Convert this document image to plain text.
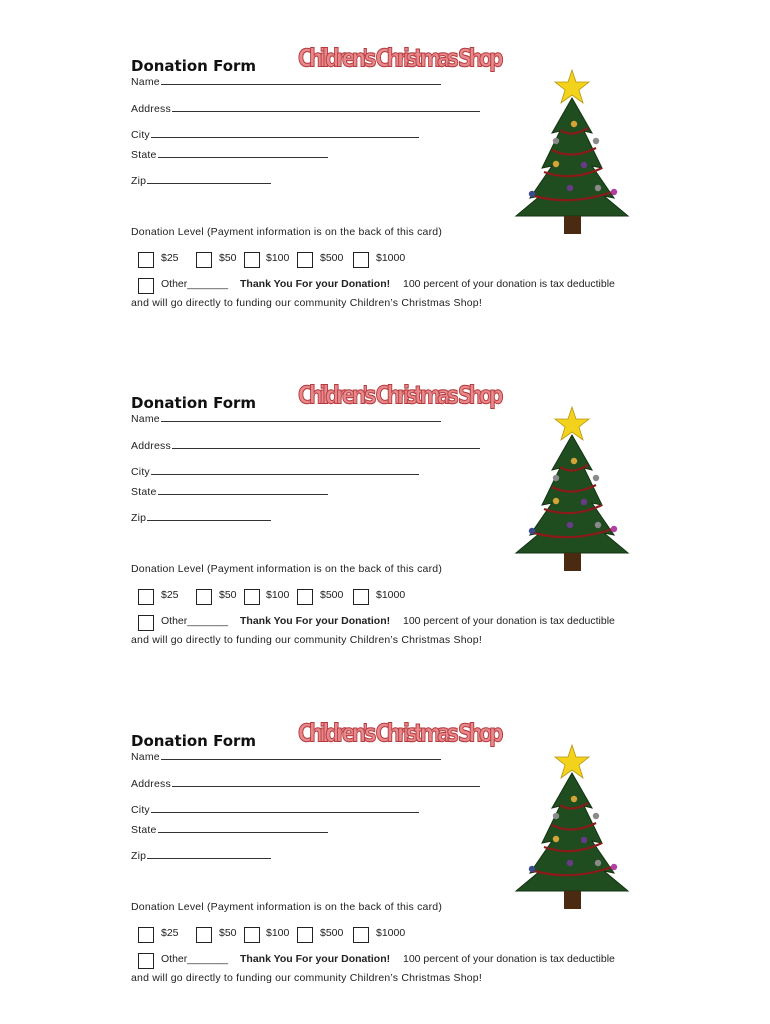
Children's Christmas Shop
Donation Form
Name
Address
City
State
Zip
Donation Level (Payment information is on the back of this card)
$25	$50	$100	$500	$1000
Other_______ Thank You For your Donation! 100 percent of your donation is tax deductible
and will go directly to funding our community Children’s Christmas Shop!
Children's Christmas Shop
Donation Form
Name
Address
City
State
Zip
Donation Level (Payment information is on the back of this card)
$25	$50	$100	$500	$1000
Other_______ Thank You For your Donation! 100 percent of your donation is tax deductible
and will go directly to funding our community Children’s Christmas Shop!
Children's Christmas Shop
Donation Form
Name
Address
City
State
Zip
Donation Level (Payment information is on the back of this card)
$25	$50	$100	$500	$1000
Other_______ Thank You For your Donation! 100 percent of your donation is tax deductible
and will go directly to funding our community Children’s Christmas Shop!
